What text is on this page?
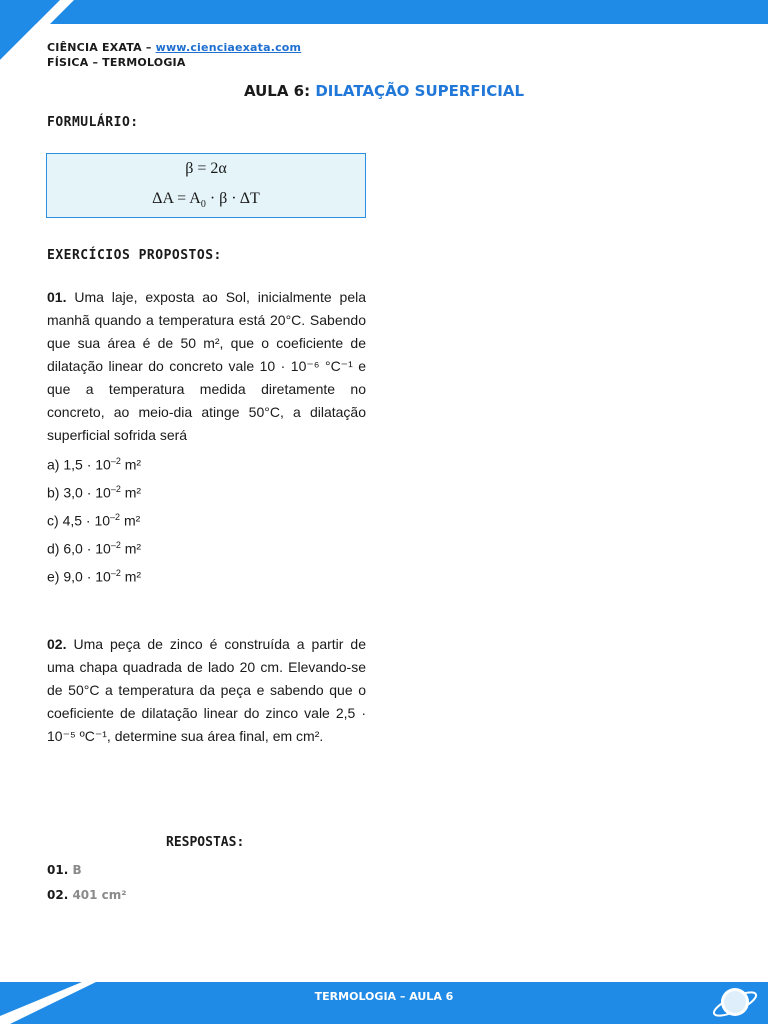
CIÊNCIA EXATA – www.cienciaexata.com
FÍSICA – TERMOLOGIA
AULA 6: DILATAÇÃO SUPERFICIAL
FORMULÁRIO:
β = 2α
$\Delta A = A_0 \cdot \beta \cdot \Delta T$
EXERCÍCIOS PROPOSTOS:
01. Uma laje, exposta ao Sol, inicialmente pela manhã quando a temperatura está 20°C. Sabendo que sua área é de 50 m², que o coeficiente de dilatação linear do concreto vale 10 · 10⁻⁶ °C⁻¹ e que a temperatura medida diretamente no concreto, ao meio-dia atinge 50°C, a dilatação superficial sofrida será
a) $1,5 \cdot 10^{-2}$ m²
b) $3,0 \cdot 10^{-2}$ m²
c) $4,5 \cdot 10^{-2}$ m²
d) $6,0 \cdot 10^{-2}$ m²
e) $9,0 \cdot 10^{-2}$ m²
02. Uma peça de zinco é construída a partir de uma chapa quadrada de lado 20 cm. Elevando-se de 50°C a temperatura da peça e sabendo que o coeficiente de dilatação linear do zinco vale 2,5 · 10⁻⁵ ºC⁻¹, determine sua área final, em cm².
RESPOSTAS:
01. B
02. 401 cm²
TERMOLOGIA – AULA 6
